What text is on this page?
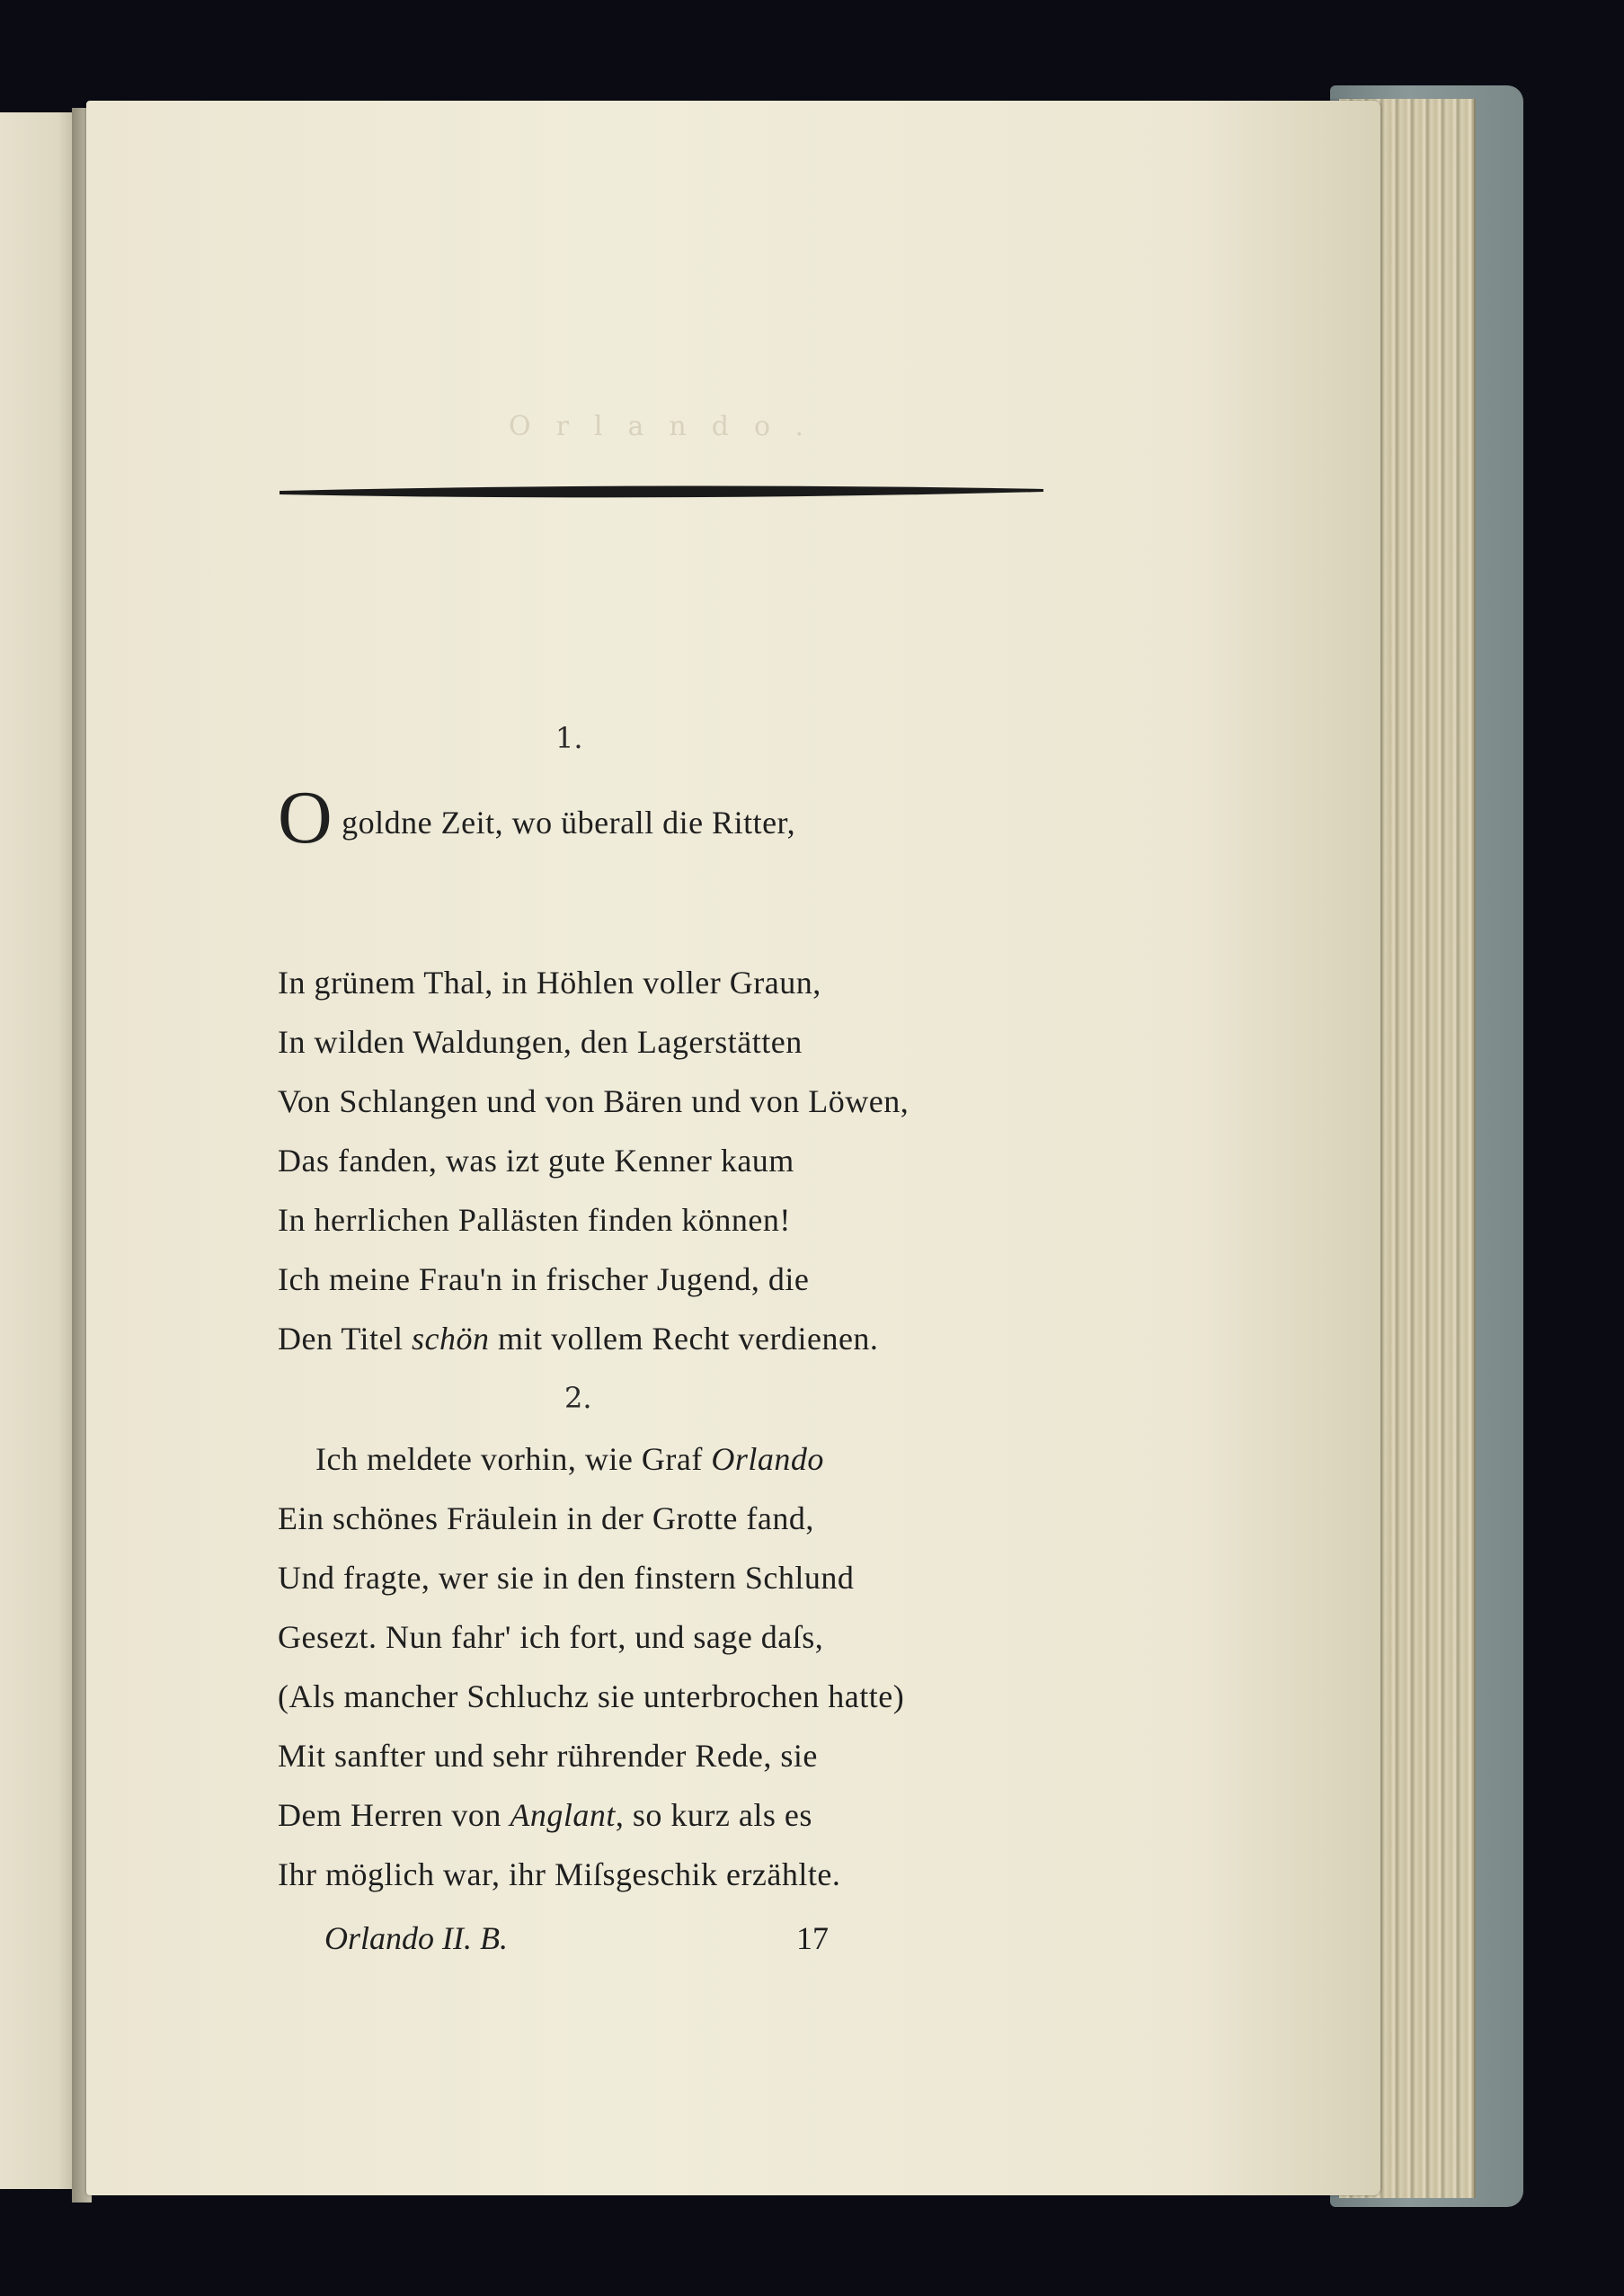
Orlando.
1.
Ogoldne Zeit, wo überall die Ritter,
In grünem Thal, in Höhlen voller Graun,
In wilden Waldungen, den Lagerstätten
Von Schlangen und von Bären und von Löwen,
Das fanden, was izt gute Kenner kaum
In herrlichen Pallästen finden können!
Ich meine Frau'n in frischer Jugend, die
Den Titel schön mit vollem Recht verdienen.
2.
Ich meldete vorhin, wie Graf Orlando
Ein schönes Fräulein in der Grotte fand,
Und fragte, wer sie in den finstern Schlund
Gesezt. Nun fahr' ich fort, und sage daſs,
(Als mancher Schluchz sie unterbrochen hatte)
Mit sanfter und sehr rührender Rede, sie
Dem Herren von Anglant, so kurz als es
Ihr möglich war, ihr Miſsgeschik erzählte.
Orlando II. B.	17
